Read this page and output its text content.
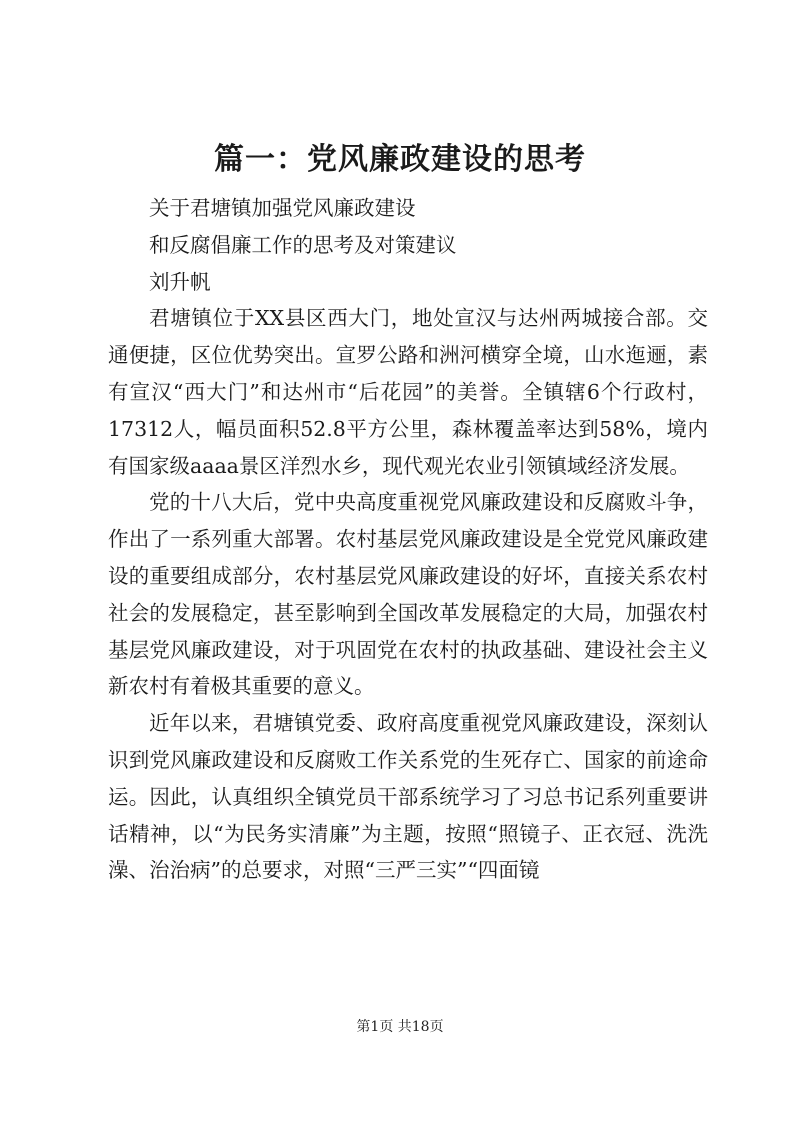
篇一：党风廉政建设的思考

关于君塘镇加强党风廉政建设

和反腐倡廉工作的思考及对策建议

刘升帆

君塘镇位于XX县区西大门，地处宣汉与达州两城接合部。交通便捷，区位优势突出。宣罗公路和洲河横穿全境，山水迤逦，素有宣汉“西大门”和达州市“后花园”的美誉。全镇辖6个行政村，17312人，幅员面积52.8平方公里，森林覆盖率达到58%，境内有国家级aaaa景区洋烈水乡，现代观光农业引领镇域经济发展。

党的十八大后，党中央高度重视党风廉政建设和反腐败斗争，作出了一系列重大部署。农村基层党风廉政建设是全党党风廉政建设的重要组成部分，农村基层党风廉政建设的好坏，直接关系农村社会的发展稳定，甚至影响到全国改革发展稳定的大局，加强农村基层党风廉政建设，对于巩固党在农村的执政基础、建设社会主义新农村有着极其重要的意义。

近年以来，君塘镇党委、政府高度重视党风廉政建设，深刻认识到党风廉政建设和反腐败工作关系党的生死存亡、国家的前途命运。因此，认真组织全镇党员干部系统学习了习总书记系列重要讲话精神，以“为民务实清廉”为主题，按照“照镜子、正衣冠、洗洗澡、治治病”的总要求，对照“三严三实”“四面镜

第1页 共18页
